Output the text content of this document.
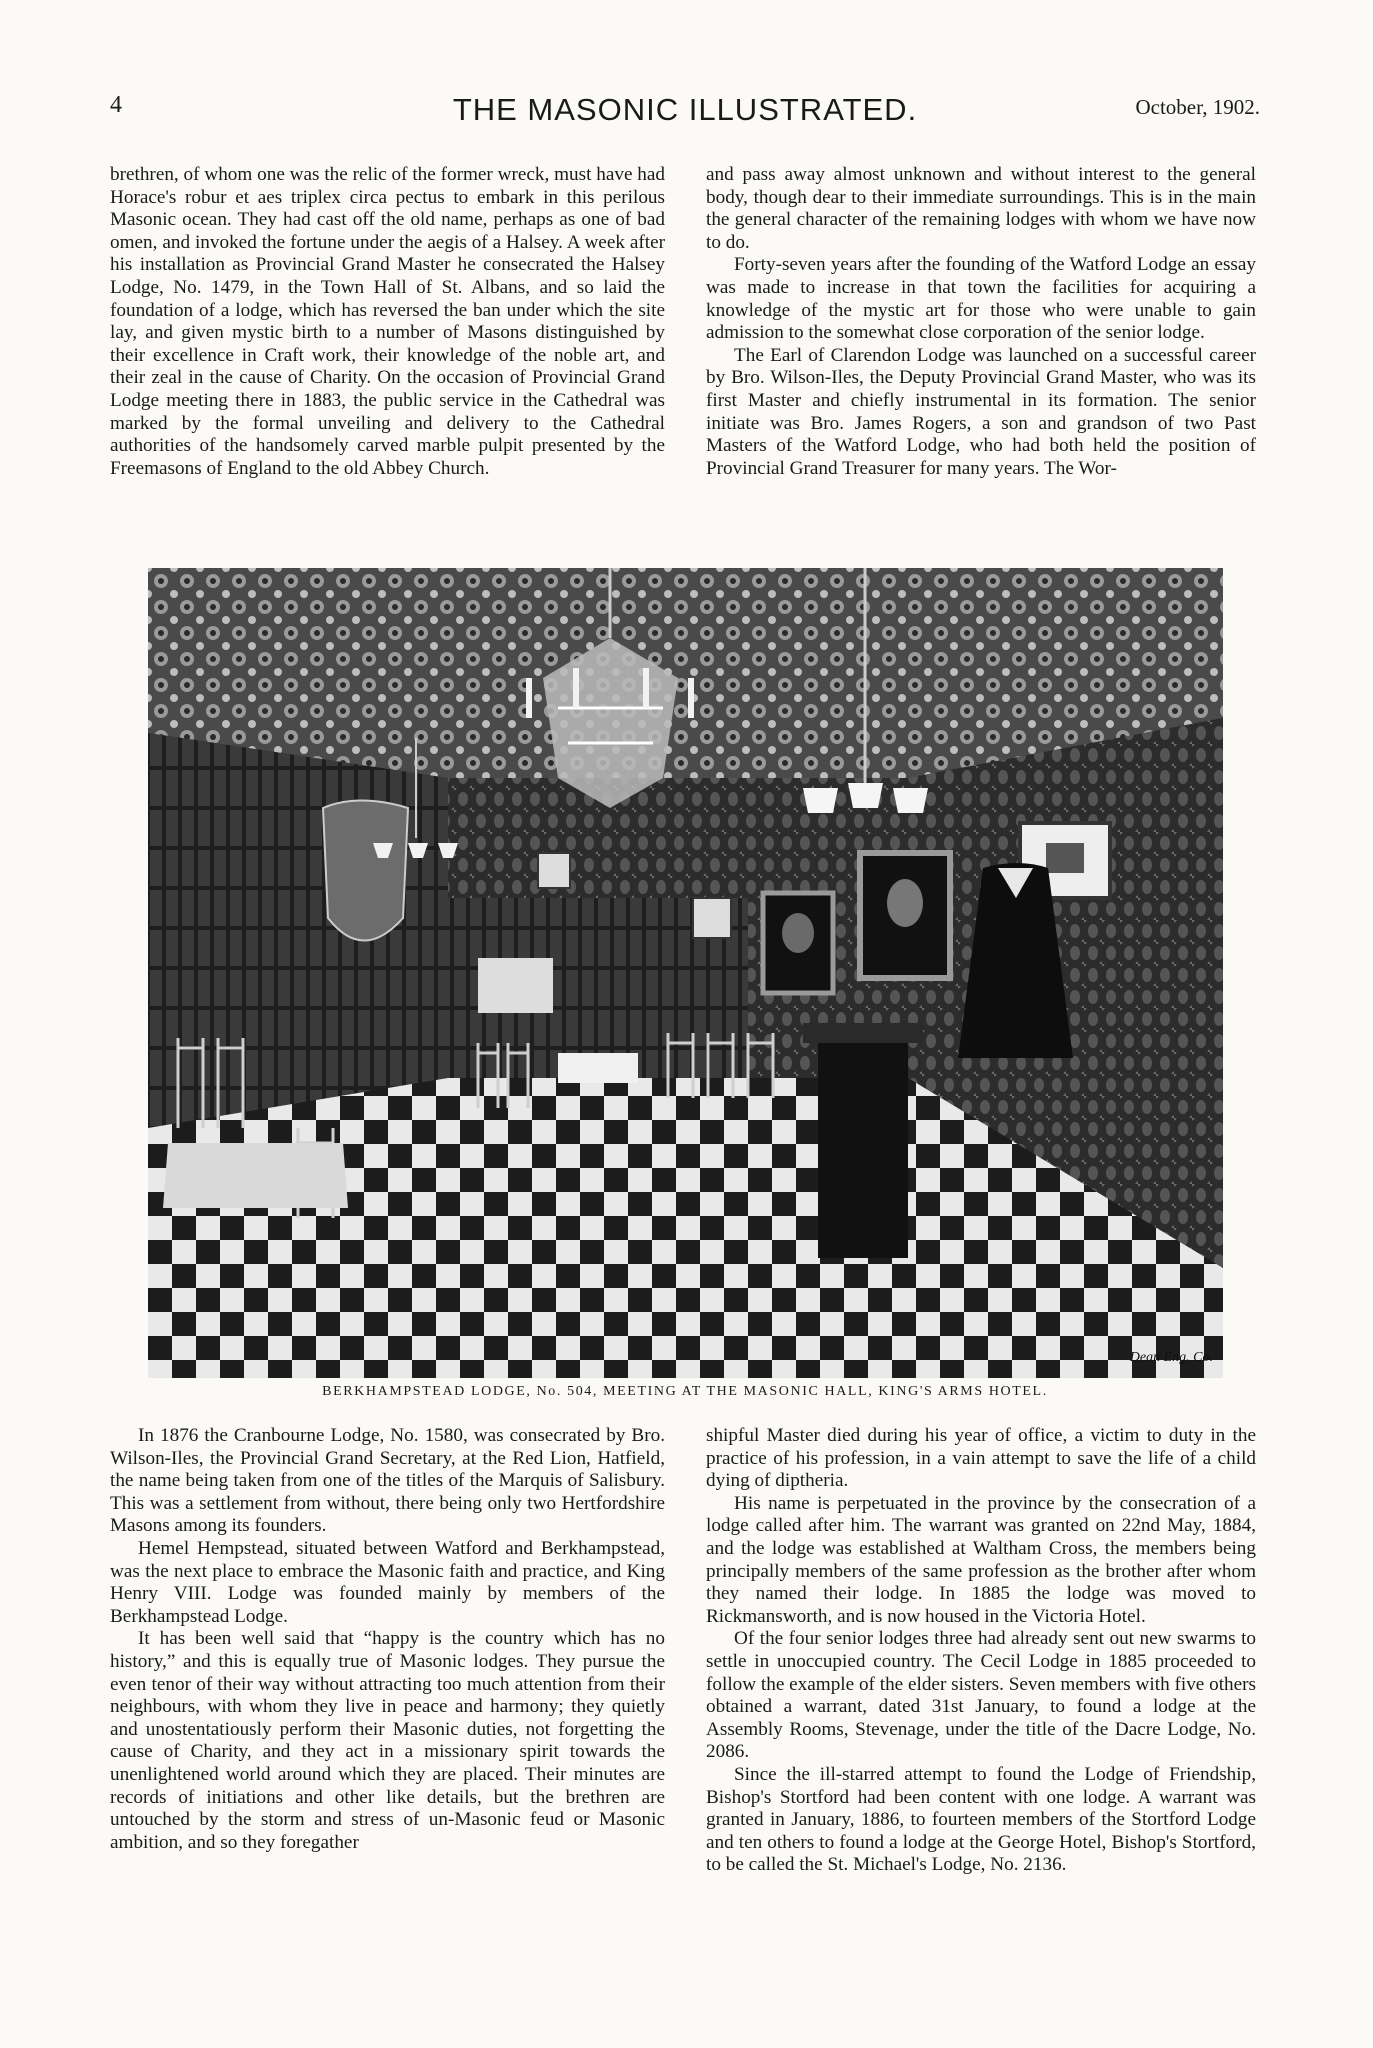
4	THE MASONIC ILLUSTRATED.	October, 1902.

brethren, of whom one was the relic of the former wreck, must have had Horace's robur et aes triplex circa pectus to embark in this perilous Masonic ocean. They had cast off the old name, perhaps as one of bad omen, and invoked the fortune under the aegis of a Halsey. A week after his installation as Provincial Grand Master he consecrated the Halsey Lodge, No. 1479, in the Town Hall of St. Albans, and so laid the foundation of a lodge, which has reversed the ban under which the site lay, and given mystic birth to a number of Masons distinguished by their excellence in Craft work, their knowledge of the noble art, and their zeal in the cause of Charity. On the occasion of Provincial Grand Lodge meeting there in 1883, the public service in the Cathedral was marked by the formal unveiling and delivery to the Cathedral authorities of the handsomely carved marble pulpit presented by the Freemasons of England to the old Abbey Church.

and pass away almost unknown and without interest to the general body, though dear to their immediate surroundings. This is in the main the general character of the remaining lodges with whom we have now to do.

Forty-seven years after the founding of the Watford Lodge an essay was made to increase in that town the facilities for acquiring a knowledge of the mystic art for those who were unable to gain admission to the somewhat close corporation of the senior lodge.

The Earl of Clarendon Lodge was launched on a successful career by Bro. Wilson-Iles, the Deputy Provincial Grand Master, who was its first Master and chiefly instrumental in its formation. The senior initiate was Bro. James Rogers, a son and grandson of two Past Masters of the Watford Lodge, who had both held the position of Provincial Grand Treasurer for many years. The Wor-

Dean Eng. Co.
BERKHAMPSTEAD LODGE, No. 504, MEETING AT THE MASONIC HALL, KING'S ARMS HOTEL.

In 1876 the Cranbourne Lodge, No. 1580, was consecrated by Bro. Wilson-Iles, the Provincial Grand Secretary, at the Red Lion, Hatfield, the name being taken from one of the titles of the Marquis of Salisbury. This was a settlement from without, there being only two Hertfordshire Masons among its founders.

Hemel Hempstead, situated between Watford and Berkhampstead, was the next place to embrace the Masonic faith and practice, and King Henry VIII. Lodge was founded mainly by members of the Berkhampstead Lodge.

It has been well said that “happy is the country which has no history,” and this is equally true of Masonic lodges. They pursue the even tenor of their way without attracting too much attention from their neighbours, with whom they live in peace and harmony; they quietly and unostentatiously perform their Masonic duties, not forgetting the cause of Charity, and they act in a missionary spirit towards the unenlightened world around which they are placed. Their minutes are records of initiations and other like details, but the brethren are untouched by the storm and stress of un-Masonic feud or Masonic ambition, and so they foregather

shipful Master died during his year of office, a victim to duty in the practice of his profession, in a vain attempt to save the life of a child dying of diptheria.

His name is perpetuated in the province by the consecration of a lodge called after him. The warrant was granted on 22nd May, 1884, and the lodge was established at Waltham Cross, the members being principally members of the same profession as the brother after whom they named their lodge. In 1885 the lodge was moved to Rickmansworth, and is now housed in the Victoria Hotel.

Of the four senior lodges three had already sent out new swarms to settle in unoccupied country. The Cecil Lodge in 1885 proceeded to follow the example of the elder sisters. Seven members with five others obtained a warrant, dated 31st January, to found a lodge at the Assembly Rooms, Stevenage, under the title of the Dacre Lodge, No. 2086.

Since the ill-starred attempt to found the Lodge of Friendship, Bishop's Stortford had been content with one lodge. A warrant was granted in January, 1886, to fourteen members of the Stortford Lodge and ten others to found a lodge at the George Hotel, Bishop's Stortford, to be called the St. Michael's Lodge, No. 2136.
